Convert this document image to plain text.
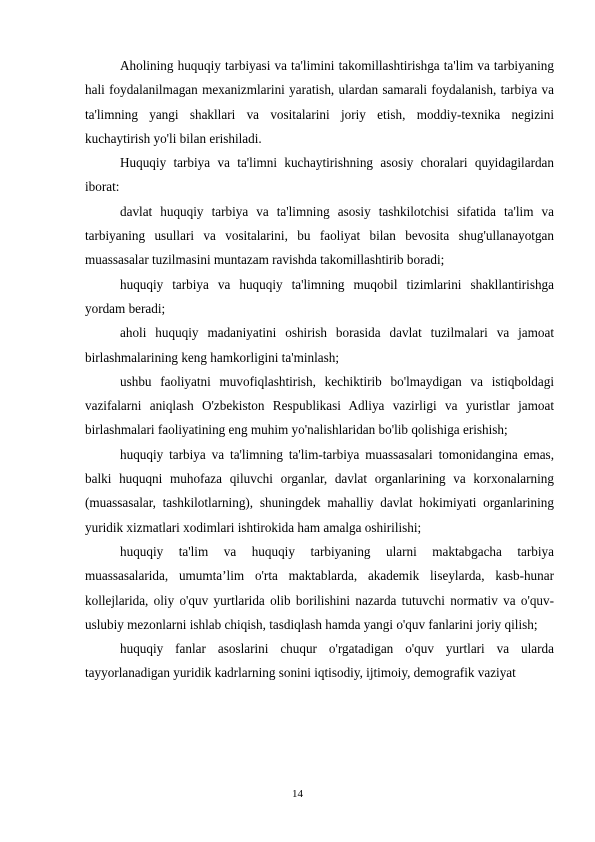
Aholining huquqiy tarbiyasi va ta'limini takomillashtirishga ta'lim va tarbiyaning hali foydalanilmagan mexanizmlarini yaratish, ulardan samarali foydalanish, tarbiya va ta'limning yangi shakllari va vositalarini joriy etish, moddiy-texnika negizini kuchaytirish yo'li bilan erishiladi.

Huquqiy tarbiya va ta'limni kuchaytirishning asosiy choralari quyidagilardan iborat:

davlat huquqiy tarbiya va ta'limning asosiy tashkilotchisi sifatida ta'lim va tarbiyaning usullari va vositalarini, bu faoliyat bilan bevosita shug'ullanayotgan muassasalar tuzilmasini muntazam ravishda takomillashtirib boradi;

huquqiy tarbiya va huquqiy ta'limning muqobil tizimlarini shakllantirishga yordam beradi;

aholi huquqiy madaniyatini oshirish borasida davlat tuzilmalari va jamoat birlashmalarining keng hamkorligini ta'minlash;

ushbu faoliyatni muvofiqlashtirish, kechiktirib bo'lmaydigan va istiqboldagi vazifalarni aniqlash O'zbekiston Respublikasi Adliya vazirligi va yuristlar jamoat birlashmalari faoliyatining eng muhim yo'nalishlaridan bo'lib qolishiga erishish;

huquqiy tarbiya va ta'limning ta'lim-tarbiya muassasalari tomonidangina emas, balki huquqni muhofaza qiluvchi organlar, davlat organlarining va korxonalarning (muassasalar, tashkilotlarning), shuningdek mahalliy davlat hokimiyati organlarining yuridik xizmatlari xodimlari ishtirokida ham amalga oshirilishi;

huquqiy ta'lim va huquqiy tarbiyaning ularni maktabgacha tarbiya muassasalarida, umumta’lim o'rta maktablarda, akademik liseylarda, kasb-hunar kollejlarida, oliy o'quv yurtlarida olib borilishini nazarda tutuvchi normativ va o'quv-uslubiy mezonlarni ishlab chiqish, tasdiqlash hamda yangi o'quv fanlarini joriy qilish;

huquqiy fanlar asoslarini chuqur o'rgatadigan o'quv yurtlari va ularda tayyorlanadigan yuridik kadrlarning sonini iqtisodiy, ijtimoiy, demografik vaziyat

14
